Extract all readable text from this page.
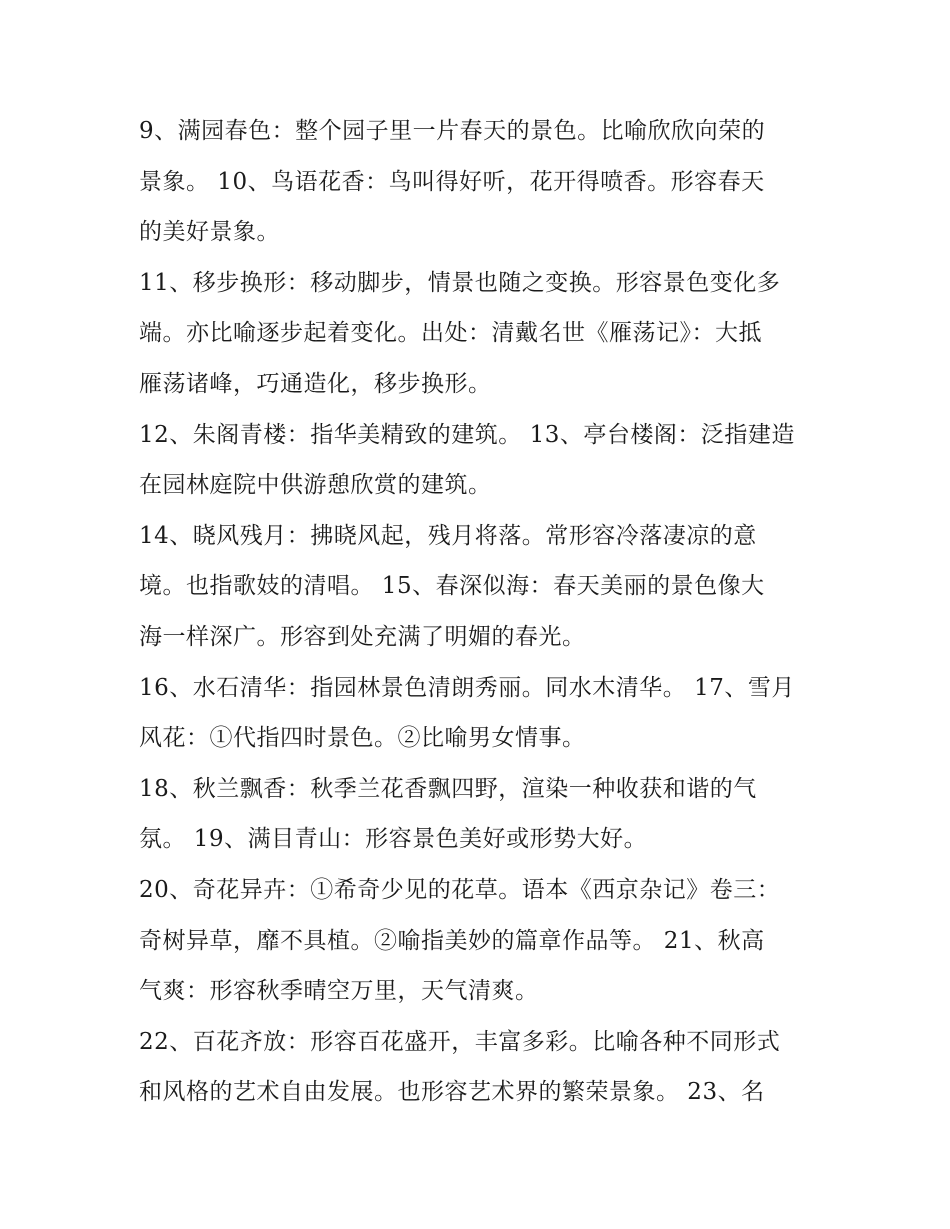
9、满园春色：整个园子里一片春天的景色。比喻欣欣向荣的
景象。 10、鸟语花香：鸟叫得好听，花开得喷香。形容春天
的美好景象。
11、移步换形：移动脚步，情景也随之变换。形容景色变化多
端。亦比喻逐步起着变化。出处：清戴名世《雁荡记》：大抵
雁荡诸峰，巧通造化，移步换形。
12、朱阁青楼：指华美精致的建筑。 13、亭台楼阁：泛指建造
在园林庭院中供游憩欣赏的建筑。
14、晓风残月：拂晓风起，残月将落。常形容冷落凄凉的意
境。也指歌妓的清唱。 15、春深似海：春天美丽的景色像大
海一样深广。形容到处充满了明媚的春光。
16、水石清华：指园林景色清朗秀丽。同水木清华。 17、雪月
风花：①代指四时景色。②比喻男女情事。
18、秋兰飘香：秋季兰花香飘四野，渲染一种收获和谐的气
氛。 19、满目青山：形容景色美好或形势大好。
20、奇花异卉：①希奇少见的花草。语本《西京杂记》卷三：
奇树异草，靡不具植。②喻指美妙的篇章作品等。 21、秋高
气爽：形容秋季晴空万里，天气清爽。
22、百花齐放：形容百花盛开，丰富多彩。比喻各种不同形式
和风格的艺术自由发展。也形容艺术界的繁荣景象。 23、名
